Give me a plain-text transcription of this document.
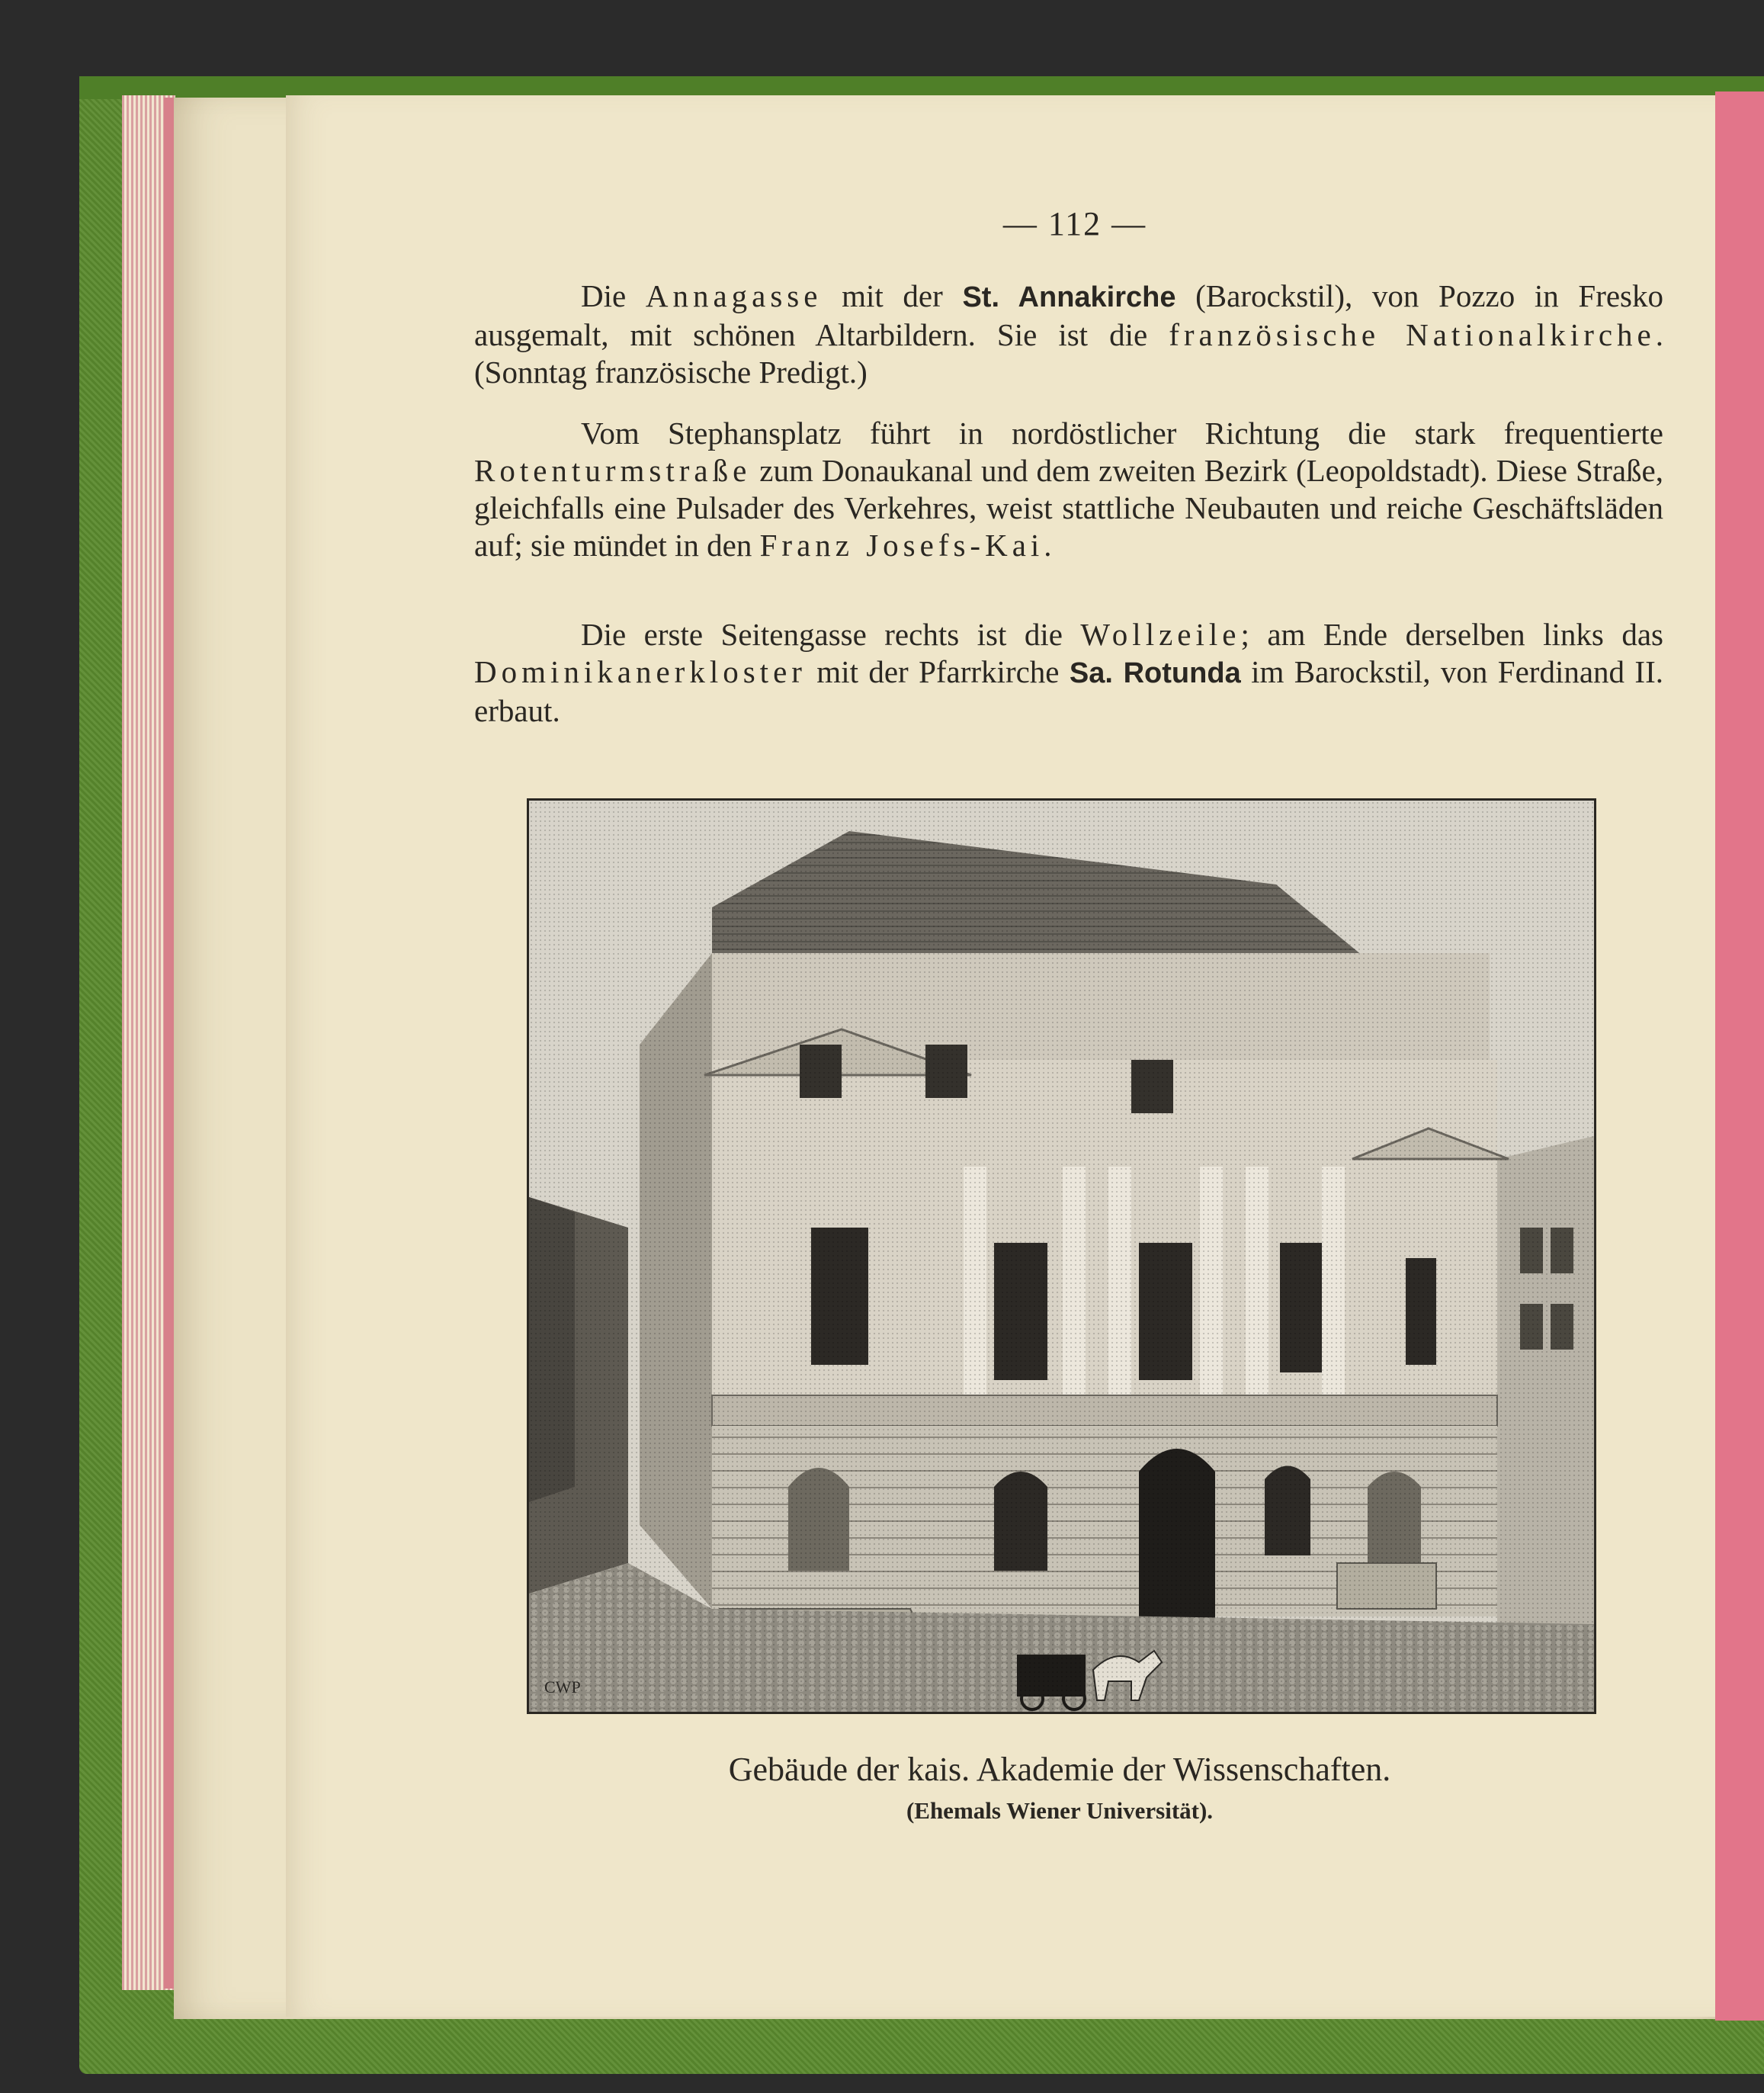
— 112 —

Die Annagasse mit der St. Annakirche (Barockstil), von Pozzo in Fresko ausgemalt, mit schönen Altarbildern. Sie ist die französische Nationalkirche. (Sonntag französische Predigt.)

Vom Stephansplatz führt in nordöstlicher Richtung die stark frequentierte Rotenturmstraße zum Donaukanal und dem zweiten Bezirk (Leopoldstadt). Diese Straße, gleichfalls eine Pulsader des Verkehres, weist stattliche Neubauten und reiche Geschäftsläden auf; sie mündet in den Franz Josefs-Kai.

Die erste Seitengasse rechts ist die Wollzeile; am Ende derselben links das Dominikanerkloster mit der Pfarrkirche Sa. Rotunda im Barockstil, von Ferdinand II. erbaut.

CWP
Gebäude der kais. Akademie der Wissenschaften.
(Ehemals Wiener Universität).
